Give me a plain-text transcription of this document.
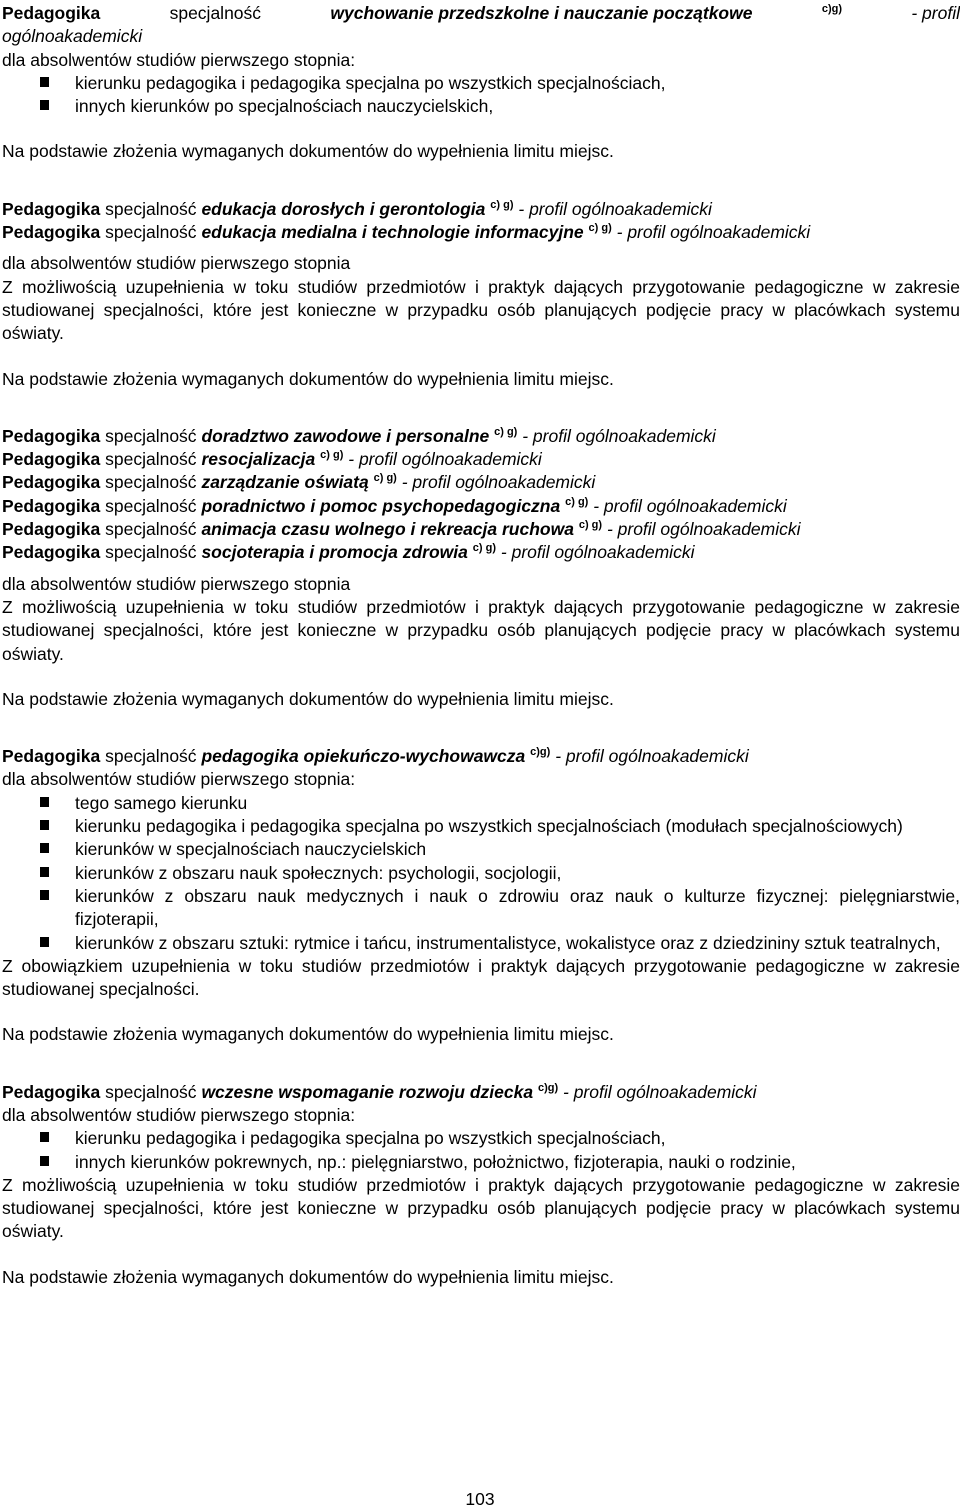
Pedagogika	specjalność	wychowanie przedszkolne i nauczanie początkowe	$^{c)g)}$	- profil

ogólnoakademicki

dla absolwentów studiów pierwszego stopnia:

kierunku pedagogika i pedagogika specjalna po wszystkich specjalnościach,
innych kierunków po specjalnościach nauczycielskich,

Na podstawie złożenia wymaganych dokumentów do wypełnienia limitu miejsc.

Pedagogika specjalność edukacja dorosłych i gerontologia $^{c) g)}$ - profil ogólnoakademicki

Pedagogika specjalność edukacja medialna i technologie informacyjne $^{c) g)}$ - profil ogólnoakademicki

dla absolwentów studiów pierwszego stopnia

Z możliwością uzupełnienia w toku studiów przedmiotów i praktyk dających przygotowanie pedagogiczne w zakresie studiowanej specjalności, które jest konieczne w przypadku osób planujących podjęcie pracy w placówkach systemu oświaty.

Na podstawie złożenia wymaganych dokumentów do wypełnienia limitu miejsc.

Pedagogika specjalność doradztwo zawodowe i personalne $^{c) g)}$ - profil ogólnoakademicki

Pedagogika specjalność resocjalizacja $^{c) g)}$ - profil ogólnoakademicki

Pedagogika specjalność zarządzanie oświatą $^{c) g)}$ - profil ogólnoakademicki

Pedagogika specjalność poradnictwo i pomoc psychopedagogiczna $^{c) g)}$ - profil ogólnoakademicki

Pedagogika specjalność animacja czasu wolnego i rekreacja ruchowa $^{c) g)}$ - profil ogólnoakademicki

Pedagogika specjalność socjoterapia i promocja zdrowia $^{c) g)}$ - profil ogólnoakademicki

dla absolwentów studiów pierwszego stopnia

Z możliwością uzupełnienia w toku studiów przedmiotów i praktyk dających przygotowanie pedagogiczne w zakresie studiowanej specjalności, które jest konieczne w przypadku osób planujących podjęcie pracy w placówkach systemu oświaty.

Na podstawie złożenia wymaganych dokumentów do wypełnienia limitu miejsc.

Pedagogika specjalność pedagogika opiekuńczo-wychowawcza $^{c)g)}$ - profil ogólnoakademicki

dla absolwentów studiów pierwszego stopnia:

tego samego kierunku
kierunku pedagogika i pedagogika specjalna po wszystkich specjalnościach (modułach specjalnościowych)
kierunków w specjalnościach nauczycielskich
kierunków z obszaru nauk społecznych: psychologii, socjologii,
kierunków z obszaru nauk medycznych i nauk o zdrowiu oraz nauk o kulturze fizycznej: pielęgniarstwie, fizjoterapii,
kierunków z obszaru sztuki: rytmice i tańcu, instrumentalistyce, wokalistyce oraz z dziedzininy sztuk teatralnych,

Z obowiązkiem uzupełnienia w toku studiów przedmiotów i praktyk dających przygotowanie pedagogiczne w zakresie studiowanej specjalności.

Na podstawie złożenia wymaganych dokumentów do wypełnienia limitu miejsc.

Pedagogika specjalność wczesne wspomaganie rozwoju dziecka $^{c)g)}$ - profil ogólnoakademicki

dla absolwentów studiów pierwszego stopnia:

kierunku pedagogika i pedagogika specjalna po wszystkich specjalnościach,
innych kierunków pokrewnych, np.: pielęgniarstwo, położnictwo, fizjoterapia, nauki o rodzinie,

Z możliwością uzupełnienia w toku studiów przedmiotów i praktyk dających przygotowanie pedagogiczne w zakresie studiowanej specjalności, które jest konieczne w przypadku osób planujących podjęcie pracy w placówkach systemu oświaty.

Na podstawie złożenia wymaganych dokumentów do wypełnienia limitu miejsc.

103
